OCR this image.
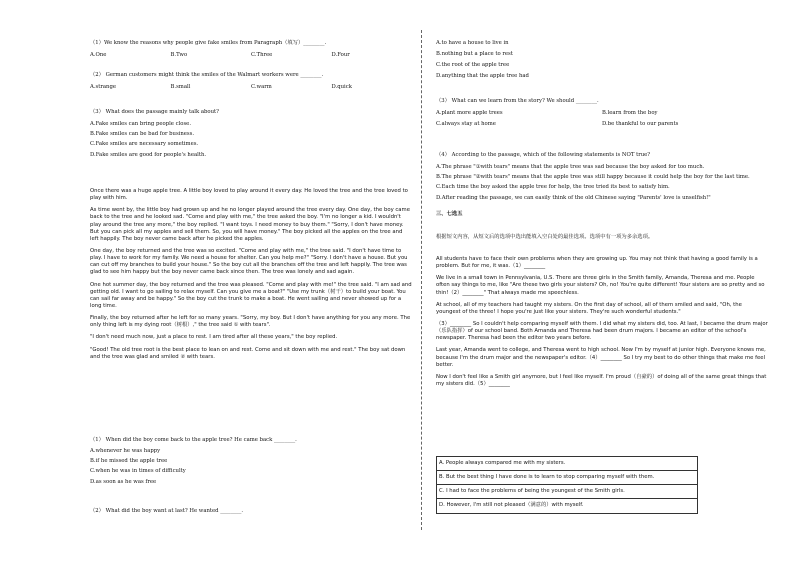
（1）We know the reasons why people give fake smiles from Paragraph（填写）________.

A.One	B.Two	C.Three	D.Four

（2） German customers might think the smiles of the Walmart workers were ________.

A.strange	B.small	C.warm	D.quick

（3） What does the passage mainly talk about?

A.Fake smiles can bring people close.

B.Fake smiles can be bad for business.

C.Fake smiles are necessary sometimes.

D.Fake smiles are good for people's health.

Once there was a huge apple tree. A little boy loved to play around it every day. He loved the tree and the tree loved to play with him.

As time went by, the little boy had grown up and he no longer played around the tree every day. One day, the boy came back to the tree and he looked sad. "Come and play with me," the tree asked the boy. "I'm no longer a kid. I wouldn't play around the tree any more," the boy replied. "I want toys. I need money to buy them." "Sorry, I don't have money. But you can pick all my apples and sell them. So, you will have money." The boy picked all the apples on the tree and left happily. The boy never came back after he picked the apples.

One day, the boy returned and the tree was so excited. "Come and play with me," the tree said. "I don't have time to play. I have to work for my family. We need a house for shelter. Can you help me?" "Sorry. I don't have a house. But you can cut off my branches to build your house." So the boy cut all the branches off the tree and left happily. The tree was glad to see him happy but the boy never came back since then. The tree was lonely and sad again.

One hot summer day, the boy returned and the tree was pleased. "Come and play with me!" the tree said. "I am sad and getting old. I want to go sailing to relax myself. Can you give me a boat?" "Use my trunk（树干）to build your boat. You can sail far away and be happy." So the boy cut the trunk to make a boat. He went sailing and never showed up for a long time.

Finally, the boy returned after he left for so many years. "Sorry, my boy. But I don't have anything for you any more. The only thing left is my dying root（树根）," the tree said ① with tears".

"I don't need much now, just a place to rest. I am tired after all these years," the boy replied.

"Good! The old tree root is the best place to lean on and rest. Come and sit down with me and rest." The boy sat down and the tree was glad and smiled ② with tears.

（1） When did the boy come back to the apple tree? He came back ________.

A.whenever he was happy

B.if he missed the apple tree

C.when he was in times of difficulty

D.as soon as he was free

（2） What did the boy want at last? He wanted ________.

A.to have a house to live in

B.nothing but a place to rest

C.the root of the apple tree

D.anything that the apple tree had

（3） What can we learn from the story? We should ________.

A.plant more apple trees	B.learn from the boy
C.always stay at home	D.be thankful to our parents

（4） According to the passage, which of the following statements is NOT true?

A.The phrase "①with tears" means that the apple tree was sad because the boy asked for too much.

B.The phrase "②with tears" means that the apple tree was still happy because it could help the boy for the last time.

C.Each time the boy asked the apple tree for help, the tree tried its best to satisfy him.

D.After reading the passage, we can easily think of the old Chinese saying "Parents' love is unselfish!"

三、七选五
根据短文内容，从短文后的选项中选出能填入空白处的最佳选项。选项中有一项为多余选项。

All students have to face their own problems when they are growing up. You may not think that having a good family is a problem. But for me, it was.（1）________

We live in a small town in Pennsylvania, U.S. There are three girls in the Smith family, Amanda, Theresa and me. People often say things to me, like "Are these two girls your sisters? Oh, no! You're quite different! Your sisters are so pretty and so thin!（2）________" That always made me speechless.

At school, all of my teachers had taught my sisters. On the first day of school, all of them smiled and said, "Oh, the youngest of the three! I hope you're just like your sisters. They're such wonderful students."

（3）________ So I couldn't help comparing myself with them. I did what my sisters did, too. At last, I became the drum major（乐队指挥）of our school band. Both Amanda and Theresa had been drum majors. I became an editor of the school's newspaper. Theresa had been the editor two years before.

Last year, Amanda went to college, and Theresa went to high school. Now I'm by myself at junior high. Everyone knows me, because I'm the drum major and the newspaper's editor.（4）________ So I try my best to do other things that make me feel better.

Now I don't feel like a Smith girl anymore, but I feel like myself. I'm proud（自豪的）of doing all of the same great things that my sisters did.（5）________

A. People always compared me with my sisters.
B. But the best thing I have done is to learn to stop comparing myself with them.
C. I had to face the problems of being the youngest of the Smith girls.
D. However, I'm still not pleased（满意的）with myself.
